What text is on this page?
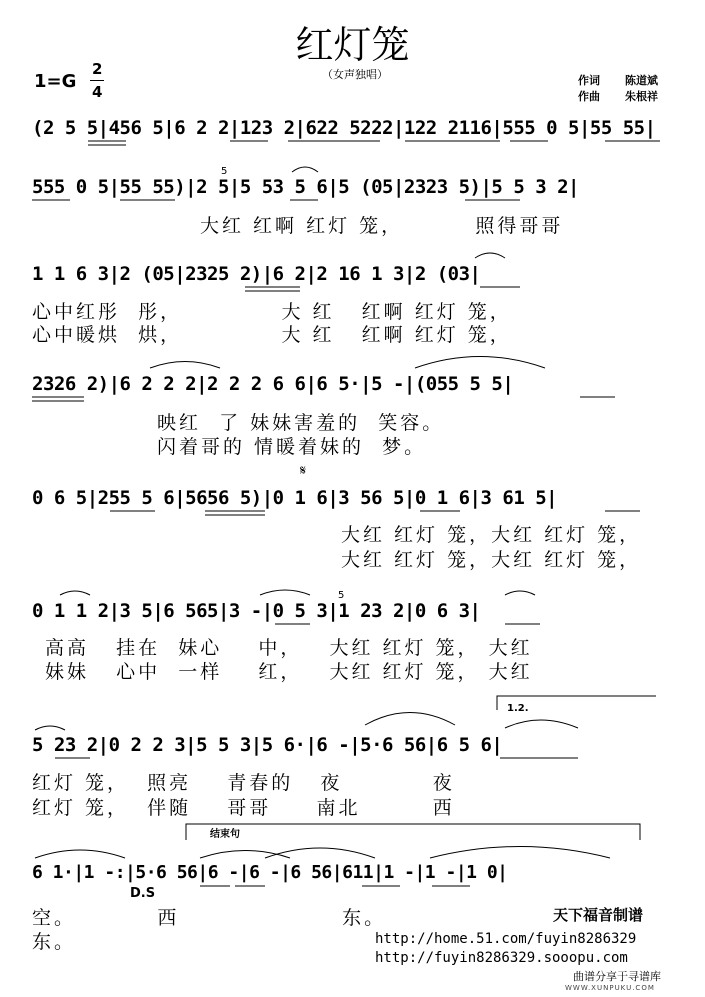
红灯笼
（女声独唱）	作词 陈道斌
作曲 朱根祥
1=G
2
4
(2 5 5|456 5|6 2 2|123 2|622 5222|122 2116|555 0 5|55 55|
555 0 5|55 55)|2 5|5 53 5 6|5 (05|2323 5)|5 5 3 2|
5
大红 红啊 红灯 笼，        照得哥哥
1 1 6 3|2 (05|2325 2)|6 2|2 16 1 3|2 (03|
心中红彤  彤，           大 红   红啊 红灯 笼，
心中暖烘  烘，           大 红   红啊 红灯 笼，
2326 2)|6 2 2 2|2 2 2 6 6|6 5·|5 -|(055 5 5|
映红  了 妹妹害羞的  笑容。
闪着哥的 情暖着妹的  梦。
𝄋
0 6 5|255 5 6|5656 5)|0 1 6|3 56 5|0 1 6|3 61 5|
大红 红灯 笼，大红 红灯 笼，
大红 红灯 笼，大红 红灯 笼，
0 1 1 2|3 5|6 565|3 -|0 5 3|1 23 2|0 6 3|
5
高高   挂在  妹心    中，   大红 红灯 笼， 大红
妹妹   心中  一样    红，   大红 红灯 笼， 大红
1.2.
5 23 2|0 2 2 3|5 5 3|5 6·|6 -|5·6 56|6 5 6|
红灯 笼，  照亮    青春的   夜          夜
红灯 笼，  伴随    哥哥     南北        西
结束句
6 1·|1 -:|5·6 56|6 -|6 -|6 56|611|1 -|1 -|1 0|
D.S
空。         西                  东。
东。
天下福音制谱
http://home.51.com/fuyin8286329
http://fuyin8286329.sooopu.com
曲谱分享于寻谱库
WWW.XUNPUKU.COM
